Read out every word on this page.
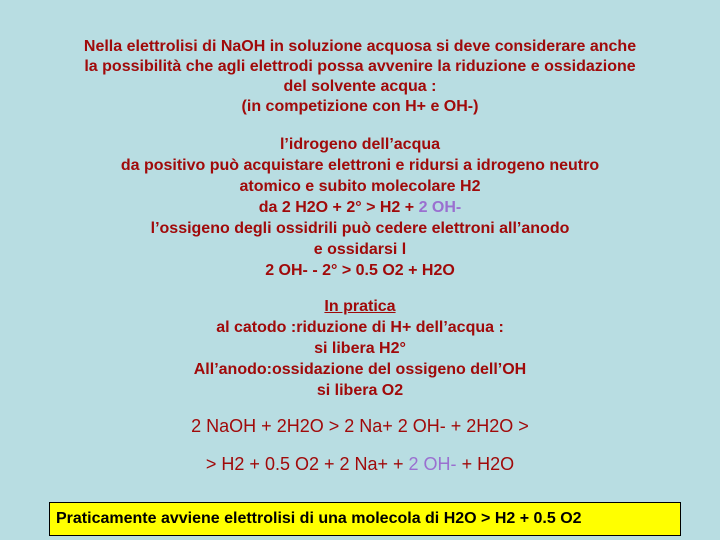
Nella elettrolisi di NaOH in soluzione acquosa si deve considerare anche
la possibilità che agli elettrodi possa avvenire la riduzione e ossidazione
del solvente acqua :
(in competizione con H+ e OH-)
l’idrogeno dell’acqua
da positivo può acquistare elettroni e ridursi a idrogeno neutro
atomico e subito molecolare H2
da 2 H2O + 2° > H2 + 2 OH-
l’ossigeno degli ossidrili può cedere elettroni all’anodo
e ossidarsi l
2 OH- - 2° > 0.5 O2 + H2O
In pratica
al catodo :riduzione di H+ dell’acqua :
si libera H2°
All’anodo:ossidazione del ossigeno dell’OH
si libera O2
2 NaOH + 2H2O > 2 Na+ 2 OH- + 2H2O >
> H2 + 0.5 O2 + 2 Na+ + 2 OH- + H2O
Praticamente avviene elettrolisi di una molecola di H2O > H2 + 0.5 O2
